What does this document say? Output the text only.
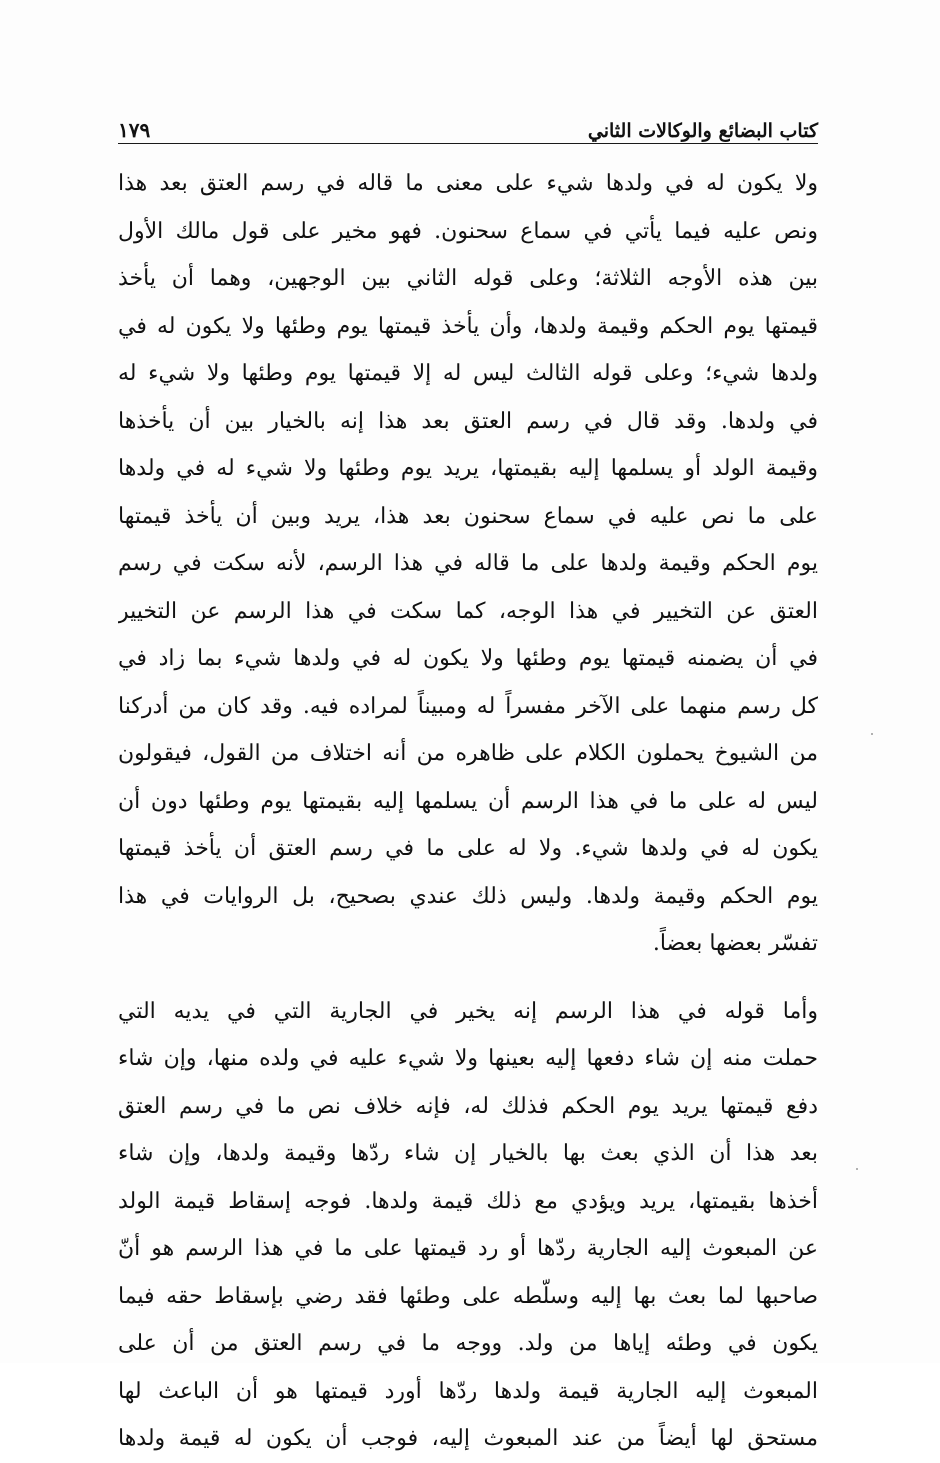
كتاب البضائع والوكالات الثاني
١٧٩
ولا يكون له في ولدها شيء على معنى ما قاله في رسم العتق بعد هذا
ونص عليه فيما يأتي في سماع سحنون. فهو مخير على قول مالك الأول
بين هذه الأوجه الثلاثة؛ وعلى قوله الثاني بين الوجهين، وهما أن يأخذ
قيمتها يوم الحكم وقيمة ولدها، وأن يأخذ قيمتها يوم وطئها ولا يكون له في
ولدها شيء؛ وعلى قوله الثالث ليس له إلا قيمتها يوم وطئها ولا شيء له
في ولدها. وقد قال في رسم العتق بعد هذا إنه بالخيار بين أن يأخذها
وقيمة الولد أو يسلمها إليه بقيمتها، يريد يوم وطئها ولا شيء له في ولدها
على ما نص عليه في سماع سحنون بعد هذا، يريد وبين أن يأخذ قيمتها
يوم الحكم وقيمة ولدها على ما قاله في هذا الرسم، لأنه سكت في رسم
العتق عن التخيير في هذا الوجه، كما سكت في هذا الرسم عن التخيير
في أن يضمنه قيمتها يوم وطئها ولا يكون له في ولدها شيء بما زاد في
كل رسم منهما على الآخر مفسراً له ومبيناً لمراده فيه. وقد كان من أدركنا
من الشيوخ يحملون الكلام على ظاهره من أنه اختلاف من القول، فيقولون
ليس له على ما في هذا الرسم أن يسلمها إليه بقيمتها يوم وطئها دون أن
يكون له في ولدها شيء. ولا له على ما في رسم العتق أن يأخذ قيمتها
يوم الحكم وقيمة ولدها. وليس ذلك عندي بصحيح، بل الروايات في هذا
تفسّر بعضها بعضاً.
وأما قوله في هذا الرسم إنه يخير في الجارية التي في يديه التي
حملت منه إن شاء دفعها إليه بعينها ولا شيء عليه في ولده منها، وإن شاء
دفع قيمتها يريد يوم الحكم فذلك له، فإنه خلاف نص ما في رسم العتق
بعد هذا أن الذي بعث بها بالخيار إن شاء ردّها وقيمة ولدها، وإن شاء
أخذها بقيمتها، يريد ويؤدي مع ذلك قيمة ولدها. فوجه إسقاط قيمة الولد
عن المبعوث إليه الجارية ردّها أو رد قيمتها على ما في هذا الرسم هو أنّ
صاحبها لما بعث بها إليه وسلّطه على وطئها فقد رضي بإسقاط حقه فيما
يكون في وطئه إياها من ولد. ووجه ما في رسم العتق من أن على
المبعوث إليه الجارية قيمة ولدها ردّها أورد قيمتها هو أن الباعث لها
مستحق لها أيضاً من عند المبعوث إليه، فوجب أن يكون له قيمة ولدها
